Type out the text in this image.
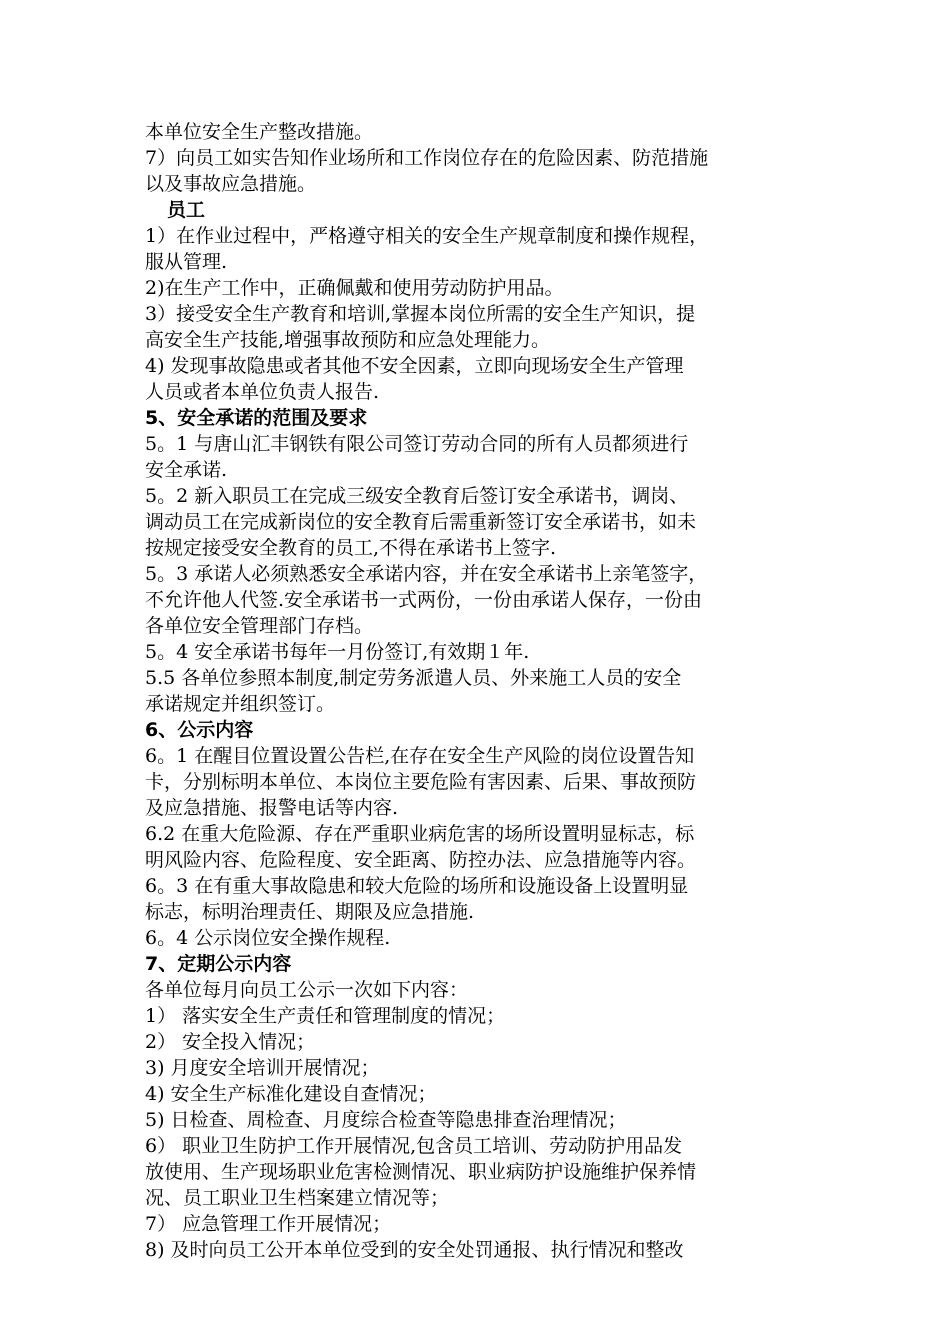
本单位安全生产整改措施。
7）向员工如实告知作业场所和工作岗位存在的危险因素、防范措施
以及事故应急措施。
员工
1）在作业过程中，严格遵守相关的安全生产规章制度和操作规程，
服从管理.
2)在生产工作中，正确佩戴和使用劳动防护用品。
3）接受安全生产教育和培训,掌握本岗位所需的安全生产知识，提
高安全生产技能,增强事故预防和应急处理能力。
4) 发现事故隐患或者其他不安全因素，立即向现场安全生产管理
人员或者本单位负责人报告.
5、安全承诺的范围及要求
5。1 与唐山汇丰钢铁有限公司签订劳动合同的所有人员都须进行
安全承诺.
5。2 新入职员工在完成三级安全教育后签订安全承诺书，调岗、
调动员工在完成新岗位的安全教育后需重新签订安全承诺书，如未
按规定接受安全教育的员工,不得在承诺书上签字.
5。3 承诺人必须熟悉安全承诺内容，并在安全承诺书上亲笔签字，
不允许他人代签.安全承诺书一式两份，一份由承诺人保存，一份由
各单位安全管理部门存档。
5。4 安全承诺书每年一月份签订,有效期１年.
5.5 各单位参照本制度,制定劳务派遣人员、外来施工人员的安全
承诺规定并组织签订。
6、公示内容
6。1 在醒目位置设置公告栏,在存在安全生产风险的岗位设置告知
卡，分别标明本单位、本岗位主要危险有害因素、后果、事故预防
及应急措施、报警电话等内容.
6.2 在重大危险源、存在严重职业病危害的场所设置明显标志，标
明风险内容、危险程度、安全距离、防控办法、应急措施等内容。
6。3 在有重大事故隐患和较大危险的场所和设施设备上设置明显
标志，标明治理责任、期限及应急措施.
6。4 公示岗位安全操作规程.
7、定期公示内容
各单位每月向员工公示一次如下内容：
1） 落实安全生产责任和管理制度的情况；
2） 安全投入情况；
3) 月度安全培训开展情况；
4) 安全生产标准化建设自查情况；
5) 日检查、周检查、月度综合检查等隐患排查治理情况；
6） 职业卫生防护工作开展情况,包含员工培训、劳动防护用品发
放使用、生产现场职业危害检测情况、职业病防护设施维护保养情
况、员工职业卫生档案建立情况等；
7） 应急管理工作开展情况；
8) 及时向员工公开本单位受到的安全处罚通报、执行情况和整改
